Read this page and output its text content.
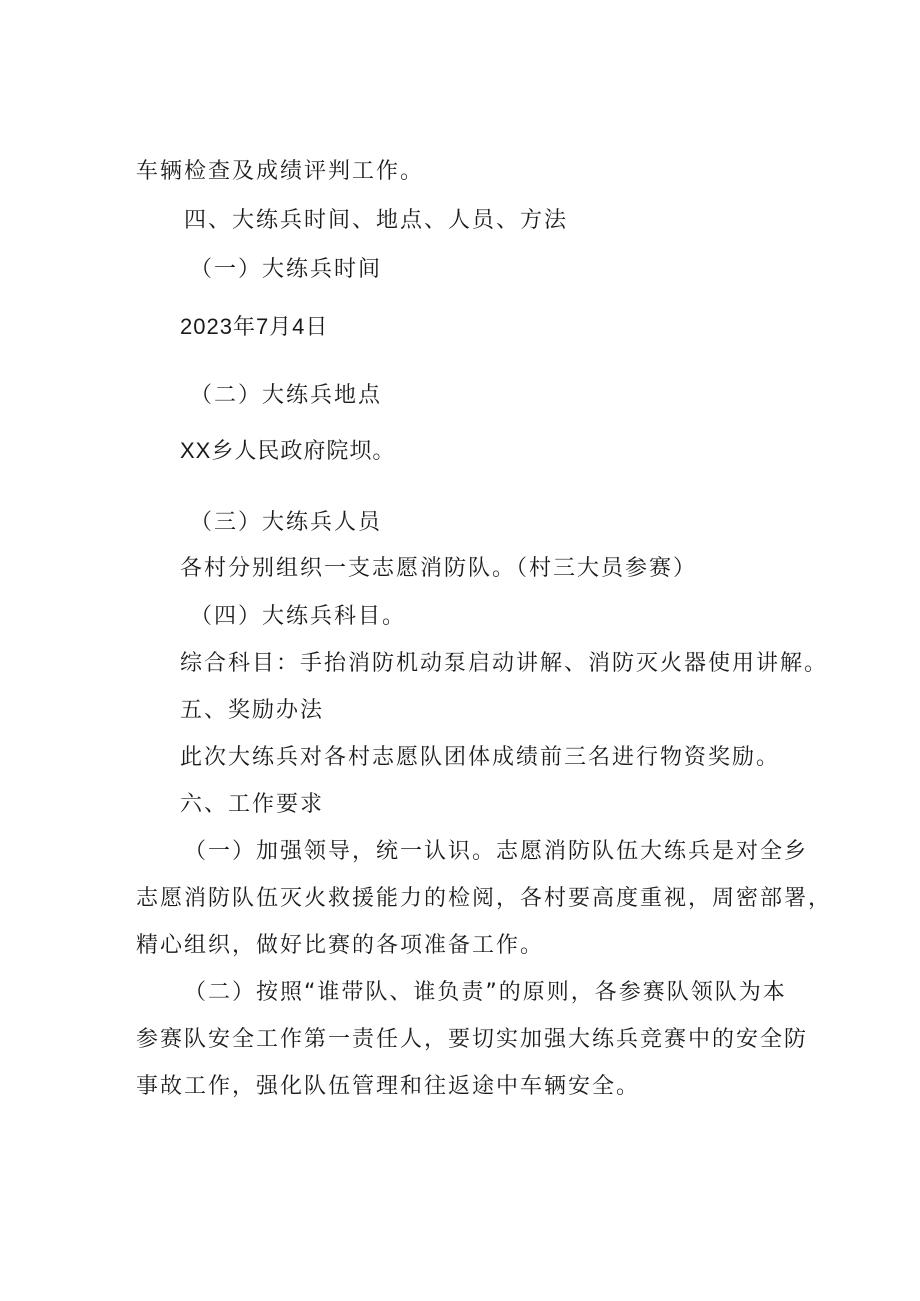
车辆检查及成绩评判工作。

四、大练兵时间、地点、人员、方法

（一）大练兵时间

2023年7月4日

（二）大练兵地点

XX乡人民政府院坝。

（三）大练兵人员

各村分别组织一支志愿消防队。（村三大员参赛）

（四）大练兵科目。

综合科目：手抬消防机动泵启动讲解、消防灭火器使用讲解。

五、奖励办法

此次大练兵对各村志愿队团体成绩前三名进行物资奖励。

六、工作要求

（一）加强领导，统一认识。志愿消防队伍大练兵是对全乡

志愿消防队伍灭火救援能力的检阅，各村要高度重视，周密部署，

精心组织，做好比赛的各项准备工作。

（二）按照“谁带队、谁负责”的原则，各参赛队领队为本

参赛队安全工作第一责任人，要切实加强大练兵竞赛中的安全防

事故工作，强化队伍管理和往返途中车辆安全。
